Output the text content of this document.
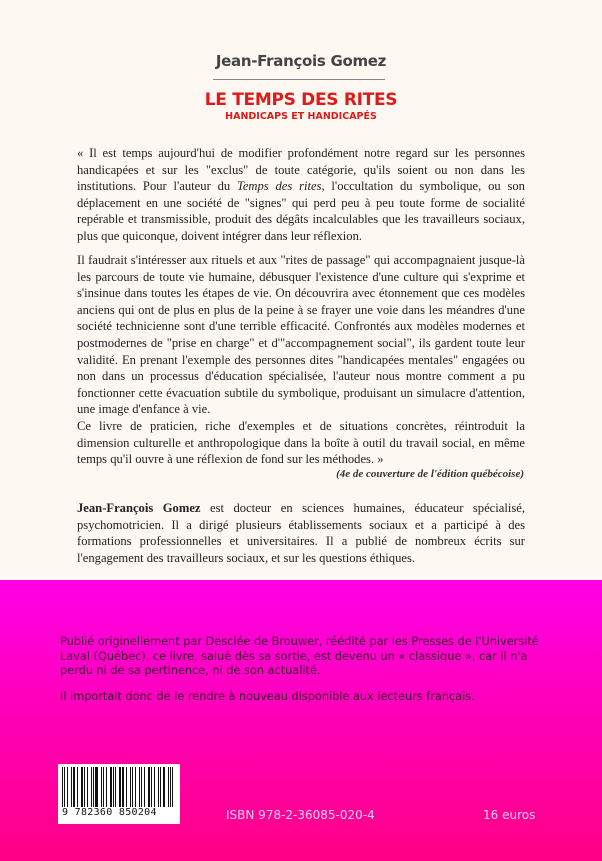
Jean-François Gomez
LE TEMPS DES RITES
HANDICAPS ET HANDICAPÉS

« Il est temps aujourd'hui de modifier profondément notre regard sur les personnes handicapées et sur les "exclus" de toute catégorie, qu'ils soient ou non dans les institutions. Pour l'auteur du Temps des rites, l'occultation du symbolique, ou son déplacement en une société de "signes" qui perd peu à peu toute forme de socialité repérable et transmissible, produit des dégâts incalculables que les travailleurs sociaux, plus que quiconque, doivent intégrer dans leur réflexion.

Il faudrait s'intéresser aux rituels et aux "rites de passage" qui accompagnaient jusque-là les parcours de toute vie humaine, débusquer l'existence d'une culture qui s'exprime et s'insinue dans toutes les étapes de vie. On découvrira avec étonnement que ces modèles anciens qui ont de plus en plus de la peine à se frayer une voie dans les méandres d'une société technicienne sont d'une terrible efficacité. Confrontés aux modèles modernes et postmodernes de "prise en charge" et d'"accompagnement social", ils gardent toute leur validité. En prenant l'exemple des personnes dites "handicapées mentales" engagées ou non dans un processus d'éducation spécialisée, l'auteur nous montre comment a pu fonctionner cette évacuation subtile du symbolique, produisant un simulacre d'attention, une image d'enfance à vie.

Ce livre de praticien, riche d'exemples et de situations concrètes, réintroduit la dimension culturelle et anthropologique dans la boîte à outil du travail social, en même temps qu'il ouvre à une réflexion de fond sur les méthodes. »

(4e de couverture de l'édition québécoise)

Jean-François Gomez est docteur en sciences humaines, éducateur spécialisé, psychomotricien. Il a dirigé plusieurs établissements sociaux et a participé à des formations professionnelles et universitaires. Il a publié de nombreux écrits sur l'engagement des travailleurs sociaux, et sur les questions éthiques.

Publié originellement par Desclée de Brouwer, réédité par les Presses de l'Université Laval (Québec), ce livre, salué dès sa sortie, est devenu un « classique », car il n'a perdu ni de sa pertinence, ni de son actualité.

Il importait donc de le rendre à nouveau disponible aux lecteurs français.

9 782360 850204	ISBN 978-2-36085-020-4	16 euros
